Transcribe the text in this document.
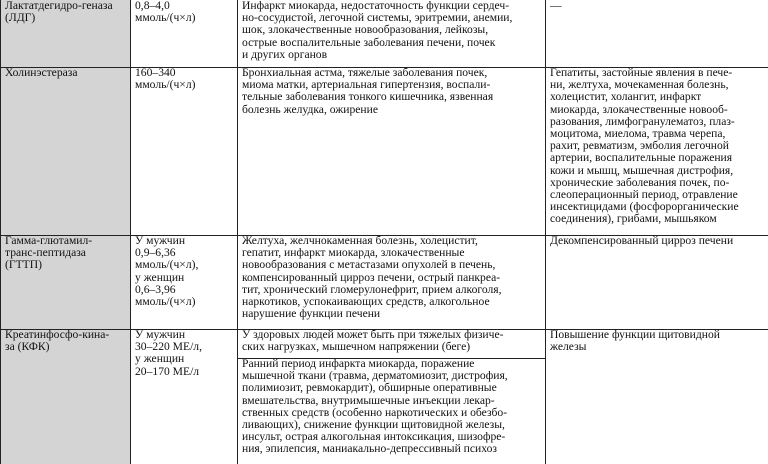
Лактатдегидро-геназа
(ЛДГ)
0,8–4,0
ммоль/(ч×л)
Инфаркт миокарда, недостаточность функции сердеч-
но-сосудистой, легочной системы, эритремии, анемии,
шок, злокачественные новообразования, лейкозы,
острые воспалительные заболевания печени, почек
и других органов
—
Холинэстераза	160–340
ммоль/(ч×л)
Бронхиальная астма, тяжелые заболевания почек,
миома матки, артериальная гипертензия, воспали-
тельные заболевания тонкого кишечника, язвенная
болезнь желудка, ожирение
Гепатиты, застойные явления в пече-
ни, желтуха, мочекаменная болезнь,
холецистит, холангит, инфаркт
миокарда, злокачественные новооб-
разования, лимфогранулематоз, плаз-
моцитома, миелома, травма черепа,
рахит, ревматизм, эмболия легочной
артерии, воспалительные поражения
кожи и мышц, мышечная дистрофия,
хронические заболевания почек, по-
слеоперационный период, отравление
инсектицидами (фосфорорганические
соединения), грибами, мышьяком
Гамма-глютамил-
транс-пептидаза
(ГТТП)
У мужчин
0,9–6,36
ммоль/(ч×л),
у женщин
0,6–3,96
ммоль/(ч×л)
Желтуха, желчнокаменная болезнь, холецистит,
гепатит, инфаркт миокарда, злокачественные
новообразования с метастазами опухолей в печень,
компенсированный цирроз печени, острый панкреа-
тит, хронический гломерулонефрит, прием алкоголя,
наркотиков, успокаивающих средств, алкогольное
нарушение функции печени
Декомпенсированный цирроз печени
Креатинфосфо-кина-
за (КФК)
У мужчин
30–220 МЕ/л,
у женщин
20–170 МЕ/л
У здоровых людей может быть при тяжелых физиче-
ских нагрузках, мышечном напряжении (беге)
Ранний период инфаркта миокарда, поражение
мышечной ткани (травма, дерматомиозит, дистрофия,
полимиозит, ревмокардит), обширные оперативные
вмешательства, внутримышечные инъекции лекар-
ственных средств (особенно наркотических и обезбо-
ливающих), снижение функции щитовидной железы,
инсульт, острая алкогольная интоксикация, шизофре-
ния, эпилепсия, маниакально-депрессивный психоз
Повышение функции щитовидной
железы
